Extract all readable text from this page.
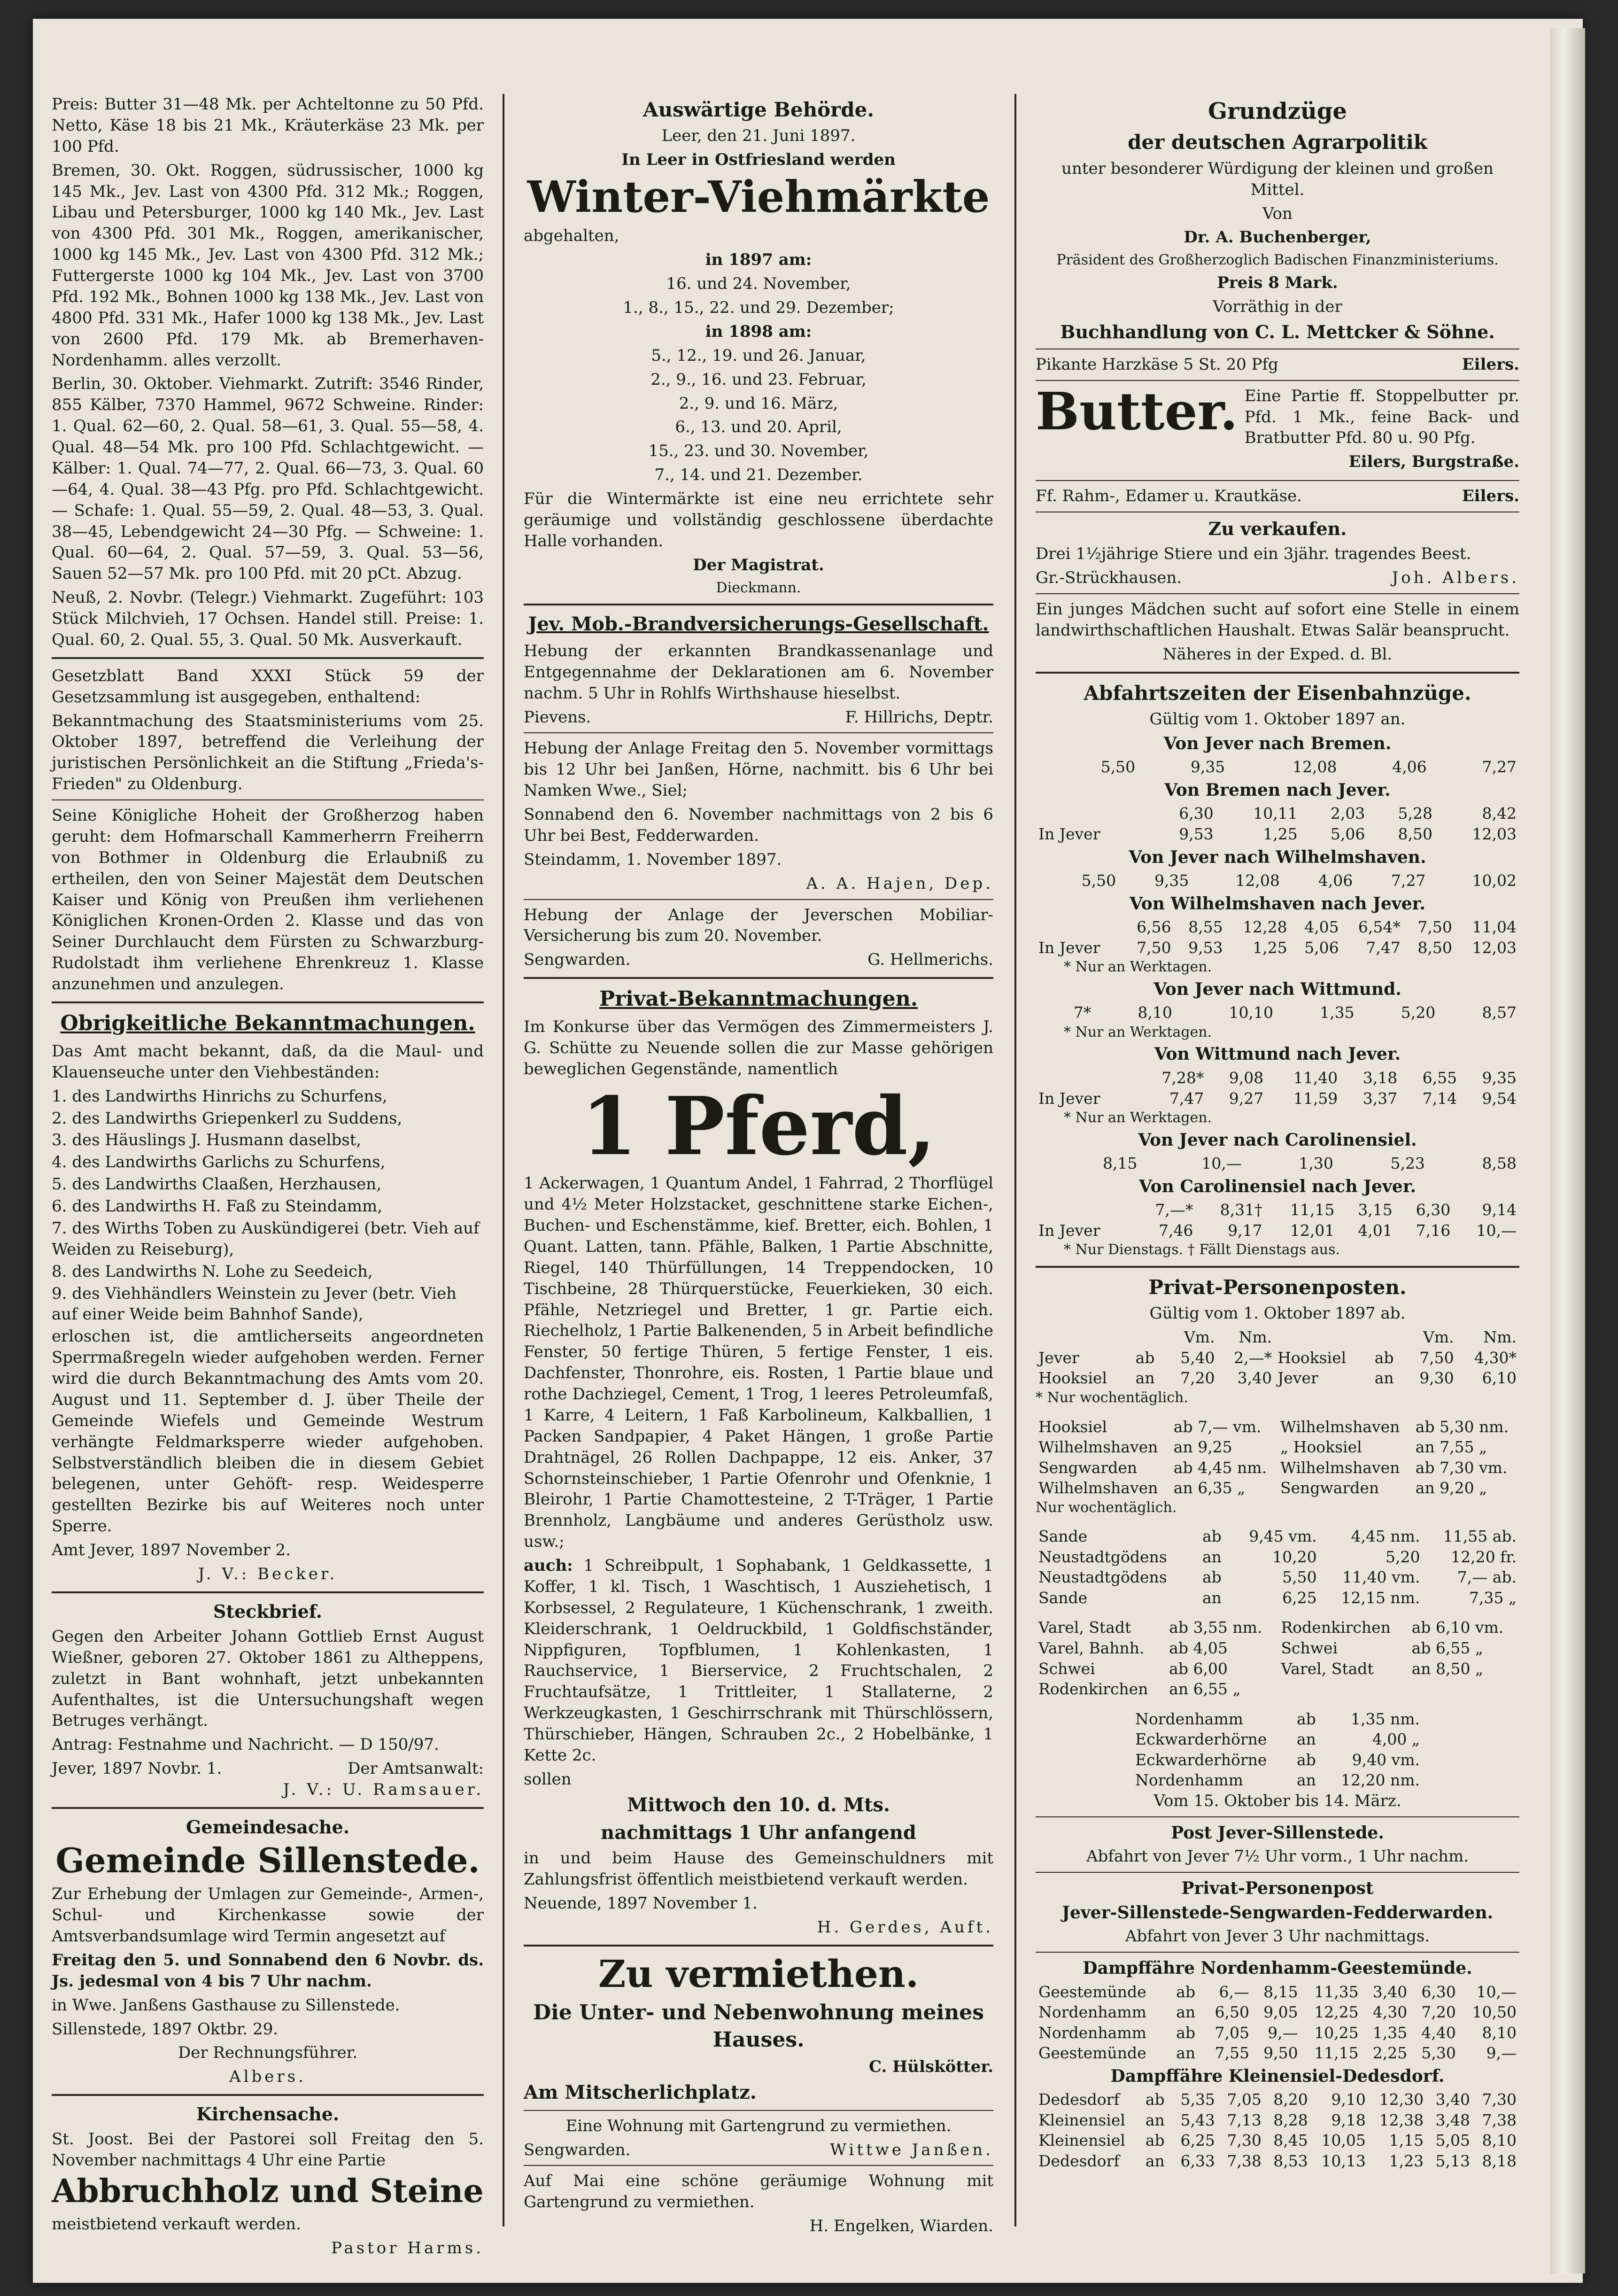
Preis: Butter 31—48 Mk. per Achteltonne zu 50 Pfd. Netto, Käse 18 bis 21 Mk., Kräuterkäse 23 Mk. per 100 Pfd.

Bremen, 30. Okt. Roggen, südrussischer, 1000 kg 145 Mk., Jev. Last von 4300 Pfd. 312 Mk.; Roggen, Libau und Petersburger, 1000 kg 140 Mk., Jev. Last von 4300 Pfd. 301 Mk., Roggen, amerikanischer, 1000 kg 145 Mk., Jev. Last von 4300 Pfd. 312 Mk.; Futtergerste 1000 kg 104 Mk., Jev. Last von 3700 Pfd. 192 Mk., Bohnen 1000 kg 138 Mk., Jev. Last von 4800 Pfd. 331 Mk., Hafer 1000 kg 138 Mk., Jev. Last von 2600 Pfd. 179 Mk. ab Bremerhaven-Nordenhamm. alles verzollt.

Berlin, 30. Oktober. Viehmarkt. Zutrift: 3546 Rinder, 855 Kälber, 7370 Hammel, 9672 Schweine. Rinder: 1. Qual. 62—60, 2. Qual. 58—61, 3. Qual. 55—58, 4. Qual. 48—54 Mk. pro 100 Pfd. Schlachtgewicht. — Kälber: 1. Qual. 74—77, 2. Qual. 66—73, 3. Qual. 60—64, 4. Qual. 38—43 Pfg. pro Pfd. Schlachtgewicht. — Schafe: 1. Qual. 55—59, 2. Qual. 48—53, 3. Qual. 38—45, Lebendgewicht 24—30 Pfg. — Schweine: 1. Qual. 60—64, 2. Qual. 57—59, 3. Qual. 53—56, Sauen 52—57 Mk. pro 100 Pfd. mit 20 pCt. Abzug.

Neuß, 2. Novbr. (Telegr.) Viehmarkt. Zugeführt: 103 Stück Milchvieh, 17 Ochsen. Handel still. Preise: 1. Qual. 60, 2. Qual. 55, 3. Qual. 50 Mk. Ausverkauft.

Gesetzblatt Band XXXI Stück 59 der Gesetzsammlung ist ausgegeben, enthaltend:

Bekanntmachung des Staatsministeriums vom 25. Oktober 1897, betreffend die Verleihung der juristischen Persönlichkeit an die Stiftung „Frieda's-Frieden" zu Oldenburg.

Seine Königliche Hoheit der Großherzog haben geruht: dem Hofmarschall Kammerherrn Freiherrn von Bothmer in Oldenburg die Erlaubniß zu ertheilen, den von Seiner Majestät dem Deutschen Kaiser und König von Preußen ihm verliehenen Königlichen Kronen-Orden 2. Klasse und das von Seiner Durchlaucht dem Fürsten zu Schwarzburg-Rudolstadt ihm verliehene Ehrenkreuz 1. Klasse anzunehmen und anzulegen.

Obrigkeitliche Bekanntmachungen.

Das Amt macht bekannt, daß, da die Maul- und Klauenseuche unter den Viehbeständen:

1. des Landwirths Hinrichs zu Schurfens,
2. des Landwirths Griepenkerl zu Suddens,
3. des Häuslings J. Husmann daselbst,
4. des Landwirths Garlichs zu Schurfens,
5. des Landwirths Claaßen, Herzhausen,
6. des Landwirths H. Faß zu Steindamm,
7. des Wirths Toben zu Auskündigerei (betr. Vieh auf Weiden zu Reiseburg),
8. des Landwirths N. Lohe zu Seedeich,
9. des Viehhändlers Weinstein zu Jever (betr. Vieh auf einer Weide beim Bahnhof Sande),

erloschen ist, die amtlicherseits angeordneten Sperrmaßregeln wieder aufgehoben werden. Ferner wird die durch Bekanntmachung des Amts vom 20. August und 11. September d. J. über Theile der Gemeinde Wiefels und Gemeinde Westrum verhängte Feldmarksperre wieder aufgehoben. Selbstverständlich bleiben die in diesem Gebiet belegenen, unter Gehöft- resp. Weidesperre gestellten Bezirke bis auf Weiteres noch unter Sperre.

Amt Jever, 1897 November 2.

J. V.: Becker.

Steckbrief.

Gegen den Arbeiter Johann Gottlieb Ernst August Wießner, geboren 27. Oktober 1861 zu Altheppens, zuletzt in Bant wohnhaft, jetzt unbekannten Aufenthaltes, ist die Untersuchungshaft wegen Betruges verhängt.

Antrag: Festnahme und Nachricht. — D 150/97.

Jever, 1897 Novbr. 1.	Der Amtsanwalt:

J. V.: U. Ramsauer.

Gemeindesache.
Gemeinde Sillenstede.

Zur Erhebung der Umlagen zur Gemeinde-, Armen-, Schul- und Kirchenkasse sowie der Amtsverbandsumlage wird Termin angesetzt auf

Freitag den 5. und Sonnabend den 6 Novbr. ds. Js. jedesmal von 4 bis 7 Uhr nachm.

in Wwe. Janßens Gasthause zu Sillenstede.

Sillenstede, 1897 Oktbr. 29.

Der Rechnungsführer.

Albers.

Kirchensache.

St. Joost. Bei der Pastorei soll Freitag den 5. November nachmittags 4 Uhr eine Partie

Abbruchholz und Steine

meistbietend verkauft werden.

Pastor Harms.

Auswärtige Behörde.

Leer, den 21. Juni 1897.

In Leer in Ostfriesland werden

Winter-Viehmärkte

abgehalten,

in 1897 am:

16. und 24. November,

1., 8., 15., 22. und 29. Dezember;

in 1898 am:

5., 12., 19. und 26. Januar,

2., 9., 16. und 23. Februar,

2., 9. und 16. März,

6., 13. und 20. April,

15., 23. und 30. November,

7., 14. und 21. Dezember.

Für die Wintermärkte ist eine neu errichtete sehr geräumige und vollständig geschlossene überdachte Halle vorhanden.

Der Magistrat.

Dieckmann.

Jev. Mob.-Brandversicherungs-Gesellschaft.

Hebung der erkannten Brandkassenanlage und Entgegennahme der Deklarationen am 6. November nachm. 5 Uhr in Rohlfs Wirthshause hieselbst.

Pievens.	F. Hillrichs, Deptr.

Hebung der Anlage Freitag den 5. November vormittags bis 12 Uhr bei Janßen, Hörne, nachmitt. bis 6 Uhr bei Namken Wwe., Siel;

Sonnabend den 6. November nachmittags von 2 bis 6 Uhr bei Best, Fedderwarden.

Steindamm, 1. November 1897.

A. A. Hajen, Dep.

Hebung der Anlage der Jeverschen Mobiliar-Versicherung bis zum 20. November.

Sengwarden.	G. Hellmerichs.
Privat-Bekanntmachungen.

Im Konkurse über das Vermögen des Zimmermeisters J. G. Schütte zu Neuende sollen die zur Masse gehörigen beweglichen Gegenstände, namentlich

1 Pferd,

1 Ackerwagen, 1 Quantum Andel, 1 Fahrrad, 2 Thorflügel und 4½ Meter Holzstacket, geschnittene starke Eichen-, Buchen- und Eschenstämme, kief. Bretter, eich. Bohlen, 1 Quant. Latten, tann. Pfähle, Balken, 1 Partie Abschnitte, Riegel, 140 Thürfüllungen, 14 Treppendocken, 10 Tischbeine, 28 Thürquerstücke, Feuerkieken, 30 eich. Pfähle, Netzriegel und Bretter, 1 gr. Partie eich. Riechelholz, 1 Partie Balkenenden, 5 in Arbeit befindliche Fenster, 50 fertige Thüren, 5 fertige Fenster, 1 eis. Dachfenster, Thonrohre, eis. Rosten, 1 Partie blaue und rothe Dachziegel, Cement, 1 Trog, 1 leeres Petroleumfaß, 1 Karre, 4 Leitern, 1 Faß Karbolineum, Kalkballien, 1 Packen Sandpapier, 4 Paket Hängen, 1 große Partie Drahtnägel, 26 Rollen Dachpappe, 12 eis. Anker, 37 Schornsteinschieber, 1 Partie Ofenrohr und Ofenknie, 1 Bleirohr, 1 Partie Chamottesteine, 2 T-Träger, 1 Partie Brennholz, Langbäume und anderes Gerüstholz usw. usw.;

auch: 1 Schreibpult, 1 Sophabank, 1 Geldkassette, 1 Koffer, 1 kl. Tisch, 1 Waschtisch, 1 Ausziehetisch, 1 Korbsessel, 2 Regulateure, 1 Küchenschrank, 1 zweith. Kleiderschrank, 1 Oeldruckbild, 1 Goldfischständer, Nippfiguren, Topfblumen, 1 Kohlenkasten, 1 Rauchservice, 1 Bierservice, 2 Fruchtschalen, 2 Fruchtaufsätze, 1 Trittleiter, 1 Stallaterne, 2 Werkzeugkasten, 1 Geschirrschrank mit Thürschlössern, Thürschieber, Hängen, Schrauben 2c., 2 Hobelbänke, 1 Kette 2c.

sollen

Mittwoch den 10. d. Mts.

nachmittags 1 Uhr anfangend

in und beim Hause des Gemeinschuldners mit Zahlungsfrist öffentlich meistbietend verkauft werden.

Neuende, 1897 November 1.

H. Gerdes, Auft.

Zu vermiethen.

Die Unter- und Nebenwohnung meines Hauses.

C. Hülskötter.

Am Mitscherlichplatz.

Eine Wohnung mit Gartengrund zu vermiethen.

Sengwarden.	Wittwe Janßen.

Auf Mai eine schöne geräumige Wohnung mit Gartengrund zu vermiethen.

H. Engelken, Wiarden.

Grundzüge
der deutschen Agrarpolitik

unter besonderer Würdigung der kleinen und großen Mittel.

Von

Dr. A. Buchenberger,

Präsident des Großherzoglich Badischen Finanzministeriums.

Preis 8 Mark.

Vorräthig in der

Buchhandlung von C. L. Mettcker & Söhne.

Pikante Harzkäse 5 St. 20 Pfg	Eilers.
Butter. Eine Partie ff. Stoppelbutter pr. Pfd. 1 Mk., feine Back- und Bratbutter Pfd. 80 u. 90 Pfg.

Eilers, Burgstraße.

Ff. Rahm-, Edamer u. Krautkäse.	Eilers.
Zu verkaufen.

Drei 1½jährige Stiere und ein 3jähr. tragendes Beest.

Gr.-Strückhausen.	Joh. Albers.

Ein junges Mädchen sucht auf sofort eine Stelle in einem landwirthschaftlichen Haushalt. Etwas Salär beansprucht.

Näheres in der Exped. d. Bl.

Abfahrtszeiten der Eisenbahnzüge.

Gültig vom 1. Oktober 1897 an.

Von Jever nach Bremen.
	5,50	9,35	12,08	4,06	7,27
Von Bremen nach Jever.
	6,30	10,11	2,03	5,28	8,42
In Jever	9,53	1,25	5,06	8,50	12,03
Von Jever nach Wilhelmshaven.
	5,50	9,35	12,08	4,06	7,27	10,02
Von Wilhelmshaven nach Jever.
	6,56	8,55	12,28	4,05	6,54*	7,50	11,04
In Jever	7,50	9,53	1,25	5,06	7,47	8,50	12,03
* Nur an Werktagen.
Von Jever nach Wittmund.
	7*	8,10	10,10	1,35	5,20	8,57
* Nur an Werktagen.
Von Wittmund nach Jever.
	7,28*	9,08	11,40	3,18	6,55	9,35
In Jever	7,47	9,27	11,59	3,37	7,14	9,54
* Nur an Werktagen.
Von Jever nach Carolinensiel.
	8,15	10,—	1,30	5,23	8,58
Von Carolinensiel nach Jever.
	7,—*	8,31†	11,15	3,15	6,30	9,14
In Jever	7,46	9,17	12,01	4,01	7,16	10,—
* Nur Dienstags. † Fällt Dienstags aus.
Privat-Personenposten.

Gültig vom 1. Oktober 1897 ab.

		Vm.	Nm.			Vm.	Nm.
Jever	ab	5,40	2,—*	Hooksiel	ab	7,50	4,30*
Hooksiel	an	7,20	3,40	Jever	an	9,30	6,10

* Nur wochentäglich.

Hooksiel	ab 7,— vm.	Wilhelmshaven	ab 5,30 nm.
Wilhelmshaven	an 9,25	„ Hooksiel	an 7,55 „
Sengwarden	ab 4,45 nm.	Wilhelmshaven	ab 7,30 vm.
Wilhelmshaven	an 6,35 „	Sengwarden	an 9,20 „

Nur wochentäglich.

Sande	ab	9,45 vm.	4,45 nm.	11,55 ab.
Neustadtgödens	an	10,20	5,20	12,20 fr.
Neustadtgödens	ab	5,50	11,40 vm.	7,— ab.
Sande	an	6,25	12,15 nm.	7,35 „
Varel, Stadt	ab 3,55 nm.	Rodenkirchen	ab 6,10 vm.
Varel, Bahnh.	ab 4,05	Schwei	ab 6,55 „
Schwei	ab 6,00	Varel, Stadt	an 8,50 „
Rodenkirchen	an 6,55 „		
Nordenhamm	ab	1,35 nm.
Eckwarderhörne	an	4,00 „
Eckwarderhörne	ab	9,40 vm.
Nordenhamm	an	12,20 nm.

Vom 15. Oktober bis 14. März.

Post Jever-Sillenstede.

Abfahrt von Jever 7½ Uhr vorm., 1 Uhr nachm.

Privat-Personenpost
Jever-Sillenstede-Sengwarden-Fedderwarden.

Abfahrt von Jever 3 Uhr nachmittags.

Dampffähre Nordenhamm-Geestemünde.
Geestemünde	ab	6,—	8,15	11,35	3,40	6,30	10,—
Nordenhamm	an	6,50	9,05	12,25	4,30	7,20	10,50
Nordenhamm	ab	7,05	9,—	10,25	1,35	4,40	8,10
Geestemünde	an	7,55	9,50	11,15	2,25	5,30	9,—
Dampffähre Kleinensiel-Dedesdorf.
Dedesdorf	ab	5,35	7,05	8,20	9,10	12,30	3,40	7,30
Kleinensiel	an	5,43	7,13	8,28	9,18	12,38	3,48	7,38
Kleinensiel	ab	6,25	7,30	8,45	10,05	1,15	5,05	8,10
Dedesdorf	an	6,33	7,38	8,53	10,13	1,23	5,13	8,18
